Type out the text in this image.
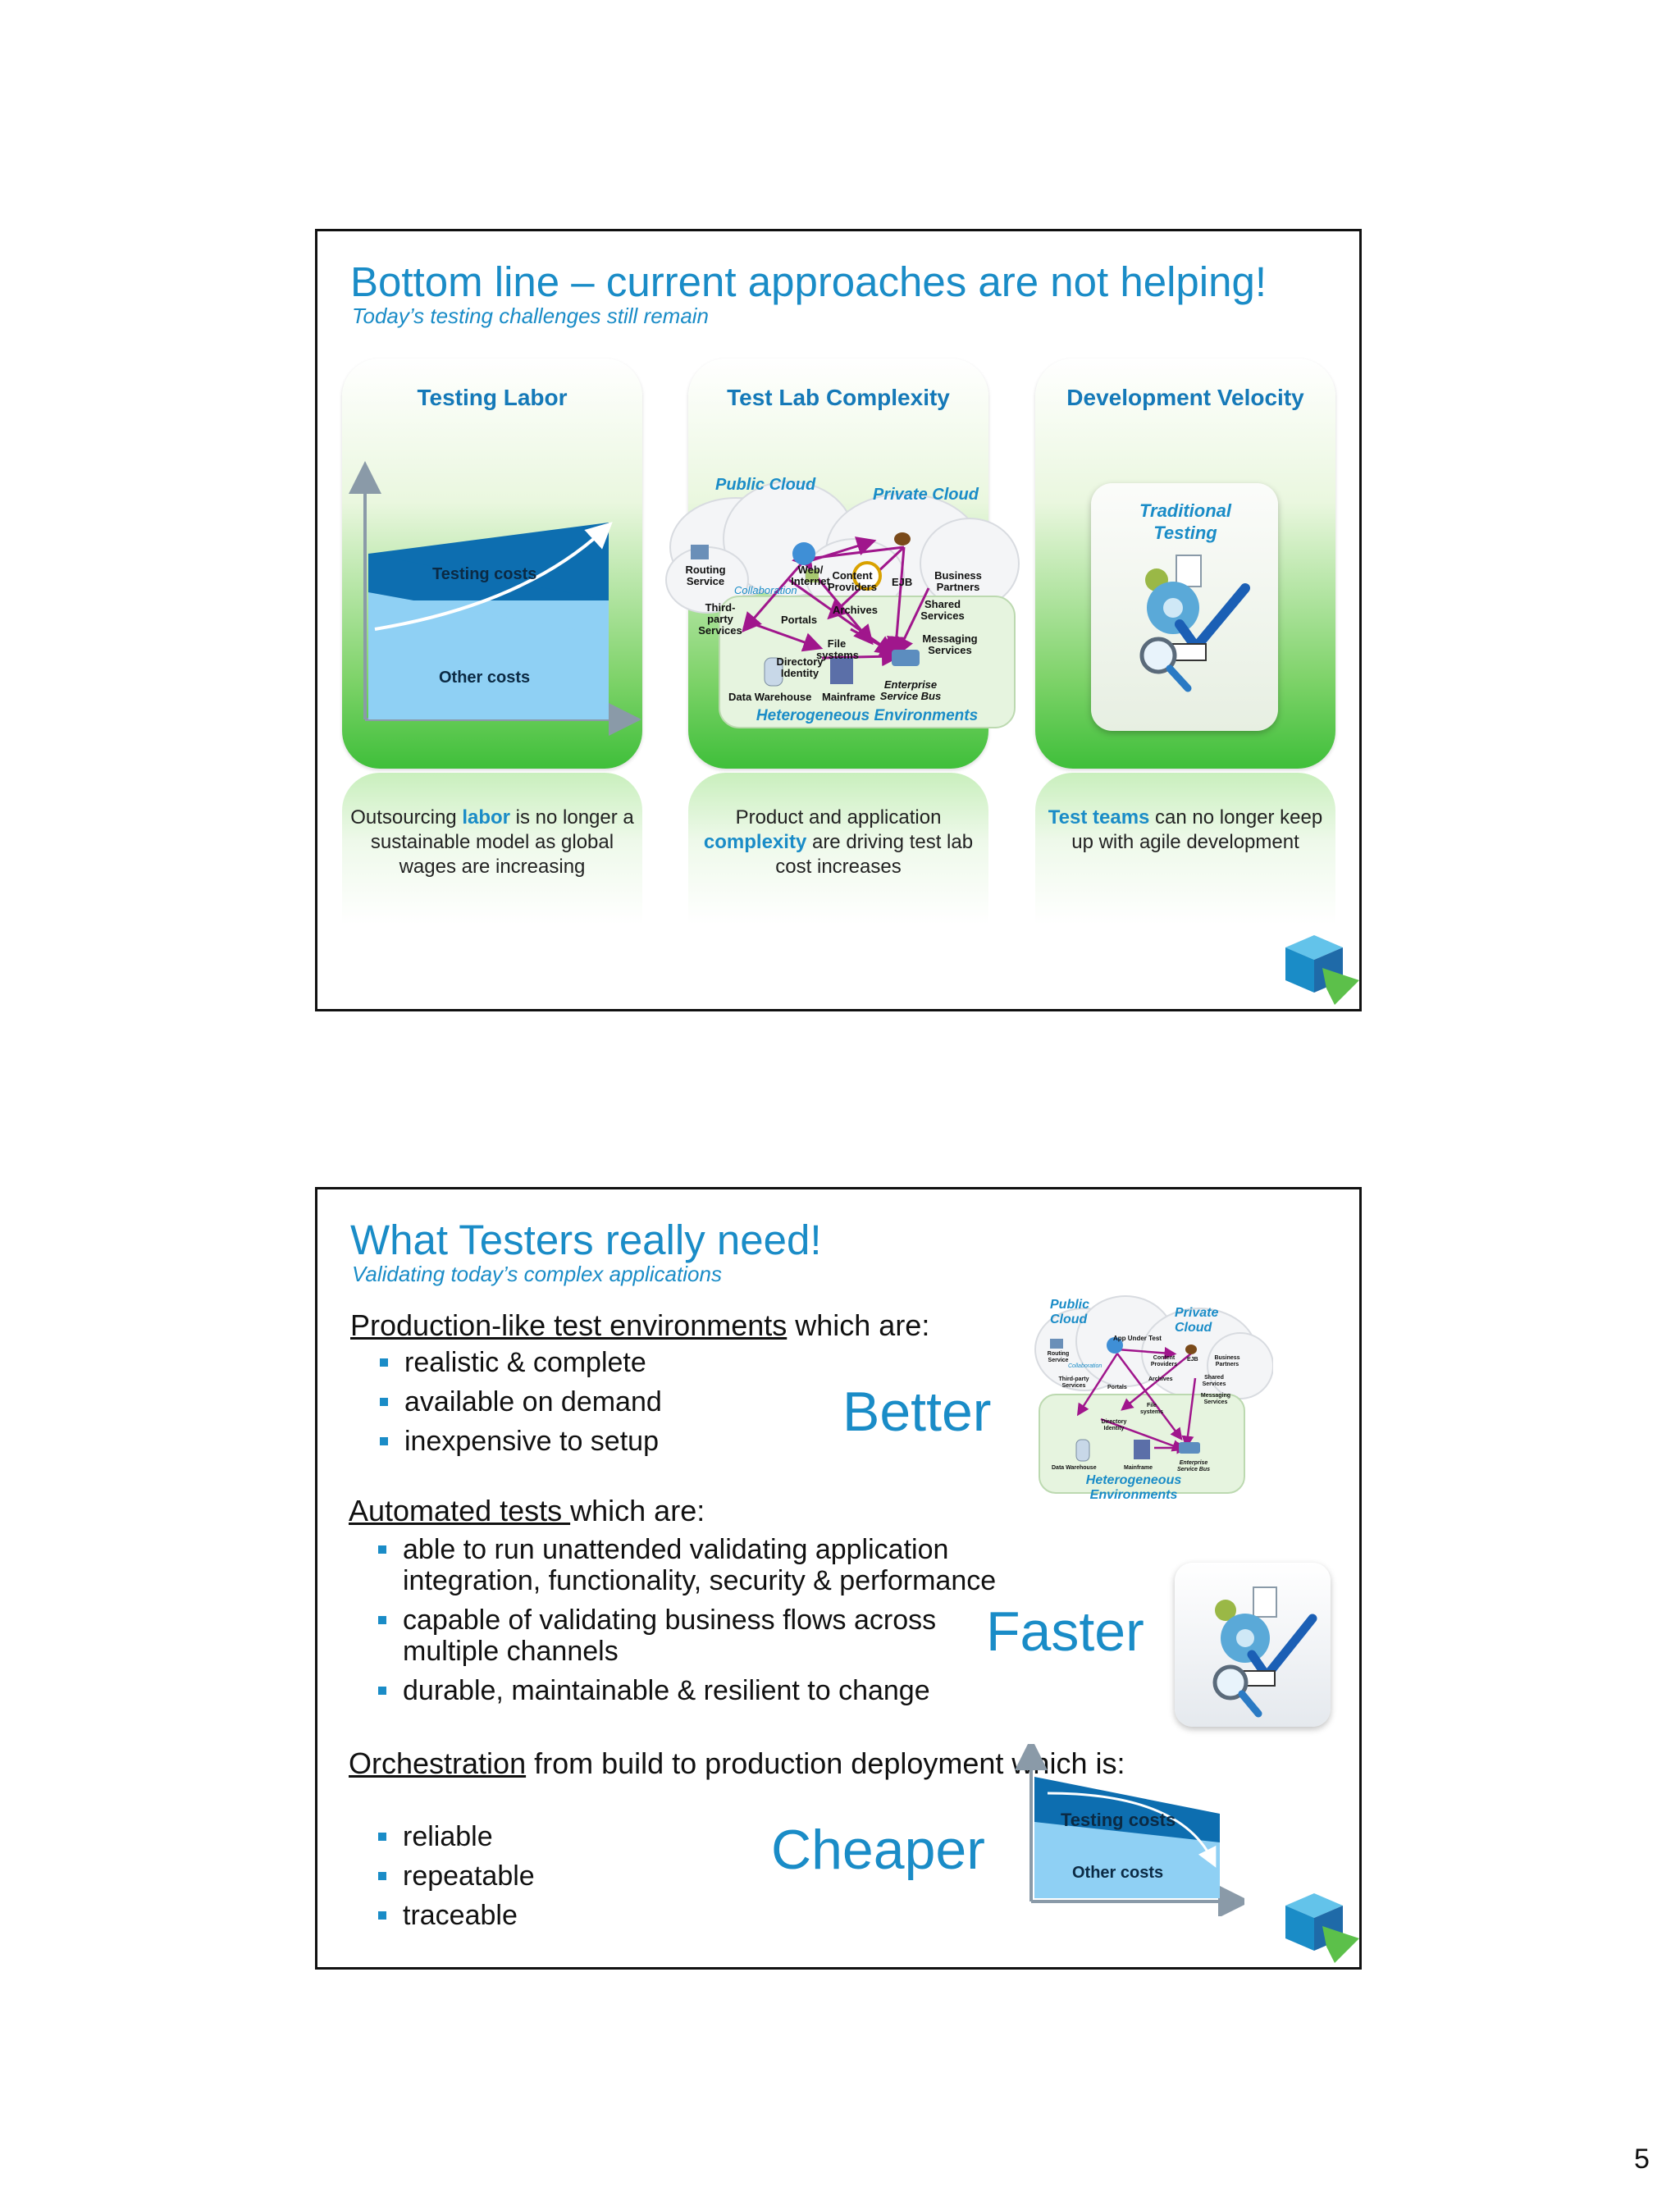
Bottom line – current approaches are not helping!
Today’s testing challenges still remain
Testing Labor
Testing costs
Other costs
Outsourcing labor is no longer a sustainable model as global wages are increasing
Test Lab Complexity
Product and application complexity are driving test lab cost increases
Public Cloud
Private Cloud
Heterogeneous Environments
Routing Service
Collaboration
Web/ Internet Content Providers	EJB
Business Partners
Third-party Services
Portals
Archives	Shared Services
Messaging Services
File systems
Directory Identity
Data Warehouse Mainframe
Enterprise Service Bus
Development Velocity
Traditional Testing
Test teams can no longer keep up with agile development
What Testers really need!
Validating today’s complex applications
Production-like test environments which are:
realistic & complete
available on demand
inexpensive to setup	Better
Public Cloud	Private Cloud
App Under Test
Routing Service
Collaboration
Content Providers
EJB	Business Partners
Third-party Services	Portals
Archives	Shared Services
Messaging Services
File systems
Directory Identity
Data Warehouse	Mainframe
Enterprise Service Bus
Heterogeneous Environments
Automated tests which are:
able to run unattended validating application integration, functionality, security & performance
capable of validating business flows across multiple channels
durable, maintainable & resilient to change
Faster
Orchestration from build to production deployment which is:
reliable
repeatable
traceable
Cheaper	Testing costs
Other costs
5
